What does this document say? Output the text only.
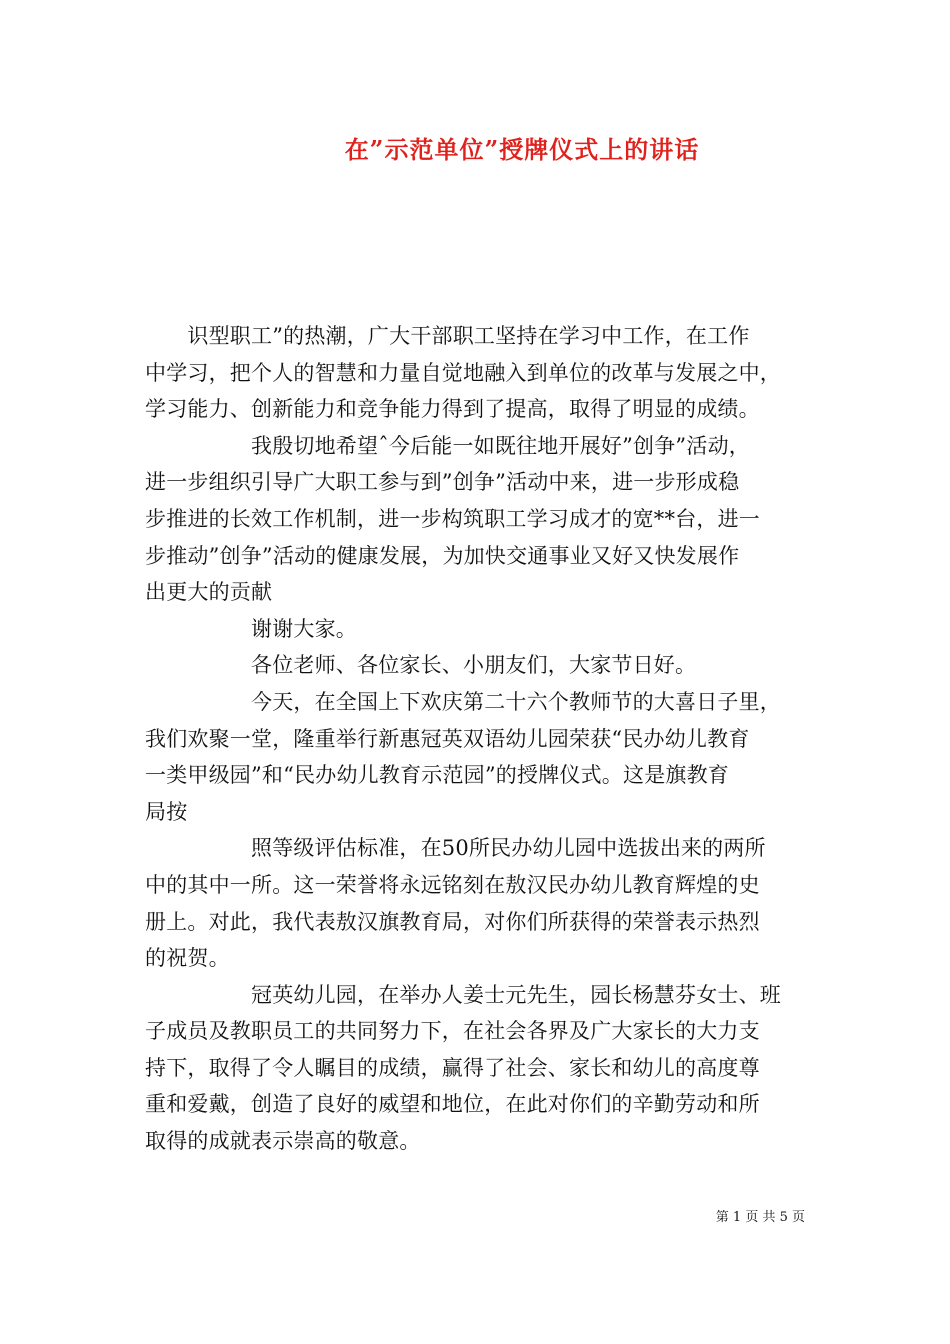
在”示范单位”授牌仪式上的讲话
　　识型职工”的热潮，广大干部职工坚持在学习中工作，在工作
中学习，把个人的智慧和力量自觉地融入到单位的改革与发展之中，
学习能力、创新能力和竞争能力得到了提高，取得了明显的成绩。
　　　　　我殷切地希望ˆ今后能一如既往地开展好”创争”活动，
进一步组织引导广大职工参与到”创争”活动中来，进一步形成稳
步推进的长效工作机制，进一步构筑职工学习成才的宽**台，进一
步推动”创争”活动的健康发展，为加快交通事业又好又快发展作
出更大的贡献
　　　　　谢谢大家。
　　　　　各位老师、各位家长、小朋友们，大家节日好。
　　　　　今天，在全国上下欢庆第二十六个教师节的大喜日子里，
我们欢聚一堂，隆重举行新惠冠英双语幼儿园荣获“民办幼儿教育
一类甲级园”和“民办幼儿教育示范园”的授牌仪式。这是旗教育
局按
　　　　　照等级评估标准，在50所民办幼儿园中选拔出来的两所
中的其中一所。这一荣誉将永远铭刻在敖汉民办幼儿教育辉煌的史
册上。对此，我代表敖汉旗教育局，对你们所获得的荣誉表示热烈
的祝贺。
　　　　　冠英幼儿园，在举办人姜士元先生，园长杨慧芬女士、班
子成员及教职员工的共同努力下，在社会各界及广大家长的大力支
持下，取得了令人瞩目的成绩，赢得了社会、家长和幼儿的高度尊
重和爱戴，创造了良好的威望和地位，在此对你们的辛勤劳动和所
取得的成就表示崇高的敬意。
第 1 页 共 5 页
